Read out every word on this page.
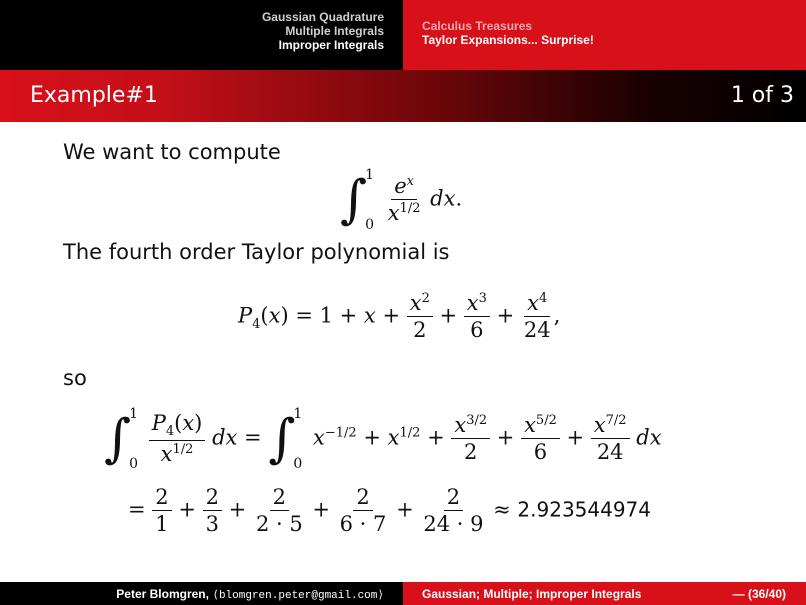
Gaussian Quadrature
Multiple Integrals
Improper Integrals
Calculus Treasures
Taylor Expansions... Surprise!
Example#1	1 of 3
We want to compute
∫
1
0
$\frac{e^x}{x^{1/2}}$ dx.
The fourth order Taylor polynomial is
$P_4(x) = 1 + x + \frac{x^2}{2} + \frac{x^3}{6} + \frac{x^4}{24}$ ,
so
∫
1
0
$\frac{P_4(x)}{x^{1/2}}$ dx = ∫
1
0
$x^{-1/2} + x^{1/2} + \frac{x^{3/2}}{2} + \frac{x^{5/2}}{6} + \frac{x^{7/2}}{24}$ dx
= $\frac{2}{1} + \frac{2}{3} + \frac{2}{2 \cdot 5} + \frac{2}{6 \cdot 7} + \frac{2}{24 \cdot 9} \approx 2.923544974$
Peter Blomgren, ⟨blomgren.peter@gmail.com⟩	Gaussian; Multiple; Improper Integrals	— (36/40)
